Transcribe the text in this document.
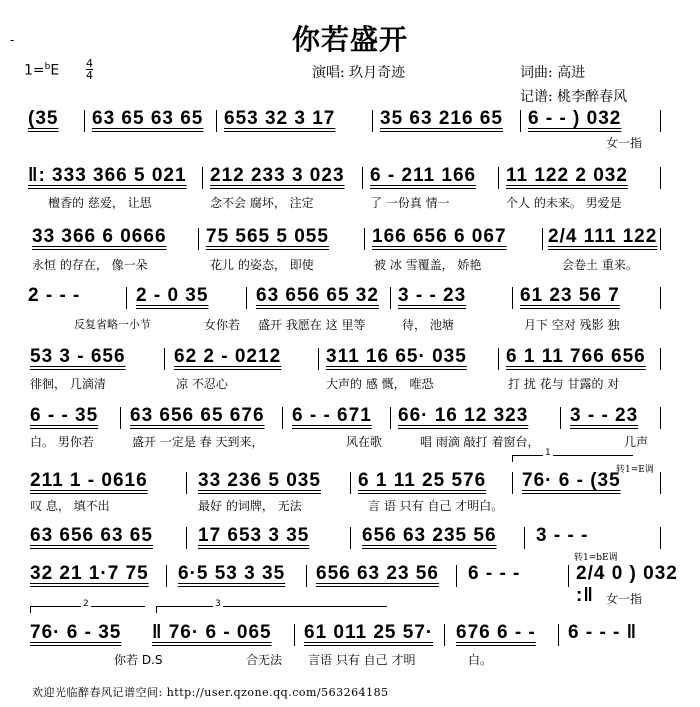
-	你若盛开
1=$^b$E 4
4	演唱: 玖月奇迹	词曲: 高进
记谱: 桃李醉春风
(35 63 65 63 65 653 32 3 17 35 63 216 65 6 - - ) 032
女一指
‖: 333 366 5 021 212 233 3 023 6 - 211 166 11 122 2 032
檀香的 慈爱， 让思	念不会 腐坏， 注定	了 一份真 情一	个人 的未来。 男爱是
33 366 6 0666 75 565 5 055 166 656 6 067 2/4 111 122
永恒 的存在， 像一朵	花儿 的姿态， 即使	被 冰 雪覆盖， 娇艳	会卷土 重来。
2 - - -	2 - 0 35	63 656 65 32 3 - - 23	61 23 56 7
反复省略一小节	女你若 盛开 我愿在 这 里等	待， 池塘	月下 空对 残影 独
53 3 - 656	62 2 - 0212 311 16 65· 035 6 1 11 766 656
徘徊， 几滴清	凉 不忍心	大声的 感 慨， 唯恐	打 扰 花与 甘露的 对
6 - - 35 63 656 65 676 6 - - 671 66· 16 12 323 3 - - 23
白。 男你若	盛开 一定是 春 天到来，	风在歌	唱 雨滴 敲打 着窗台，	几声
1
转1=E调
211 1 - 0616	33 236 5 035 6 1 11 25 576 76· 6 - (35
叹 息， 填不出	最好 的词牌， 无法	言 语 只有 自己 才明白。
63 656 63 65 17 653 3 35	656 63 235 56 3 - - -
转1=bE调
32 21 1·7 75 6·5 53 3 35 656 63 23 56 6 - - -	2/4 0 ) 032 :‖	女一指
2	3
76· 6 - 35 ‖ 76· 6 - 065 61 011 25 57· 676 6 - - 6 - - - ‖
你若 D.S	合无法 言语 只有 自己 才明	白。
欢迎光临醉春风记谱空间: http://user.qzone.qq.com/563264185
